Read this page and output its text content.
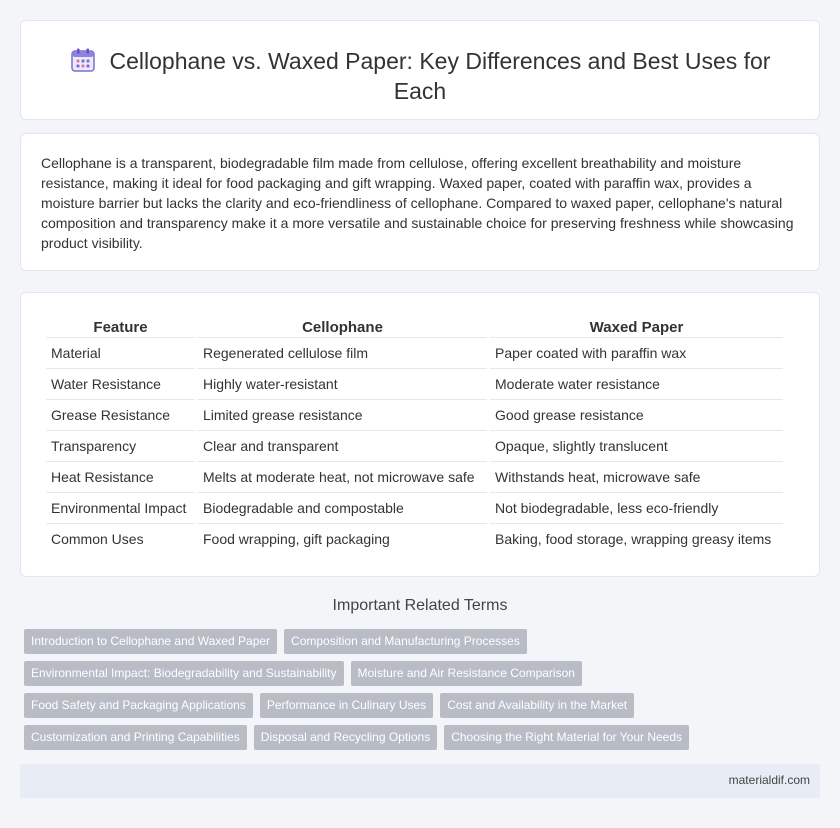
Cellophane vs. Waxed Paper: Key Differences and Best Uses for Each

Cellophane is a transparent, biodegradable film made from cellulose, offering excellent breathability and moisture resistance, making it ideal for food packaging and gift wrapping. Waxed paper, coated with paraffin wax, provides a moisture barrier but lacks the clarity and eco-friendliness of cellophane. Compared to waxed paper, cellophane's natural composition and transparency make it a more versatile and sustainable choice for preserving freshness while showcasing product visibility.

Feature	Cellophane	Waxed Paper
Material	Regenerated cellulose film	Paper coated with paraffin wax
Water Resistance	Highly water-resistant	Moderate water resistance
Grease Resistance	Limited grease resistance	Good grease resistance
Transparency	Clear and transparent	Opaque, slightly translucent
Heat Resistance	Melts at moderate heat, not microwave safe	Withstands heat, microwave safe
Environmental Impact	Biodegradable and compostable	Not biodegradable, less eco-friendly
Common Uses	Food wrapping, gift packaging	Baking, food storage, wrapping greasy items
Important Related Terms
Introduction to Cellophane and Waxed Paper	Composition and Manufacturing Processes
Environmental Impact: Biodegradability and Sustainability	Moisture and Air Resistance Comparison
Food Safety and Packaging Applications	Performance in Culinary Uses	Cost and Availability in the Market
Customization and Printing Capabilities	Disposal and Recycling Options	Choosing the Right Material for Your Needs
materialdif.com
